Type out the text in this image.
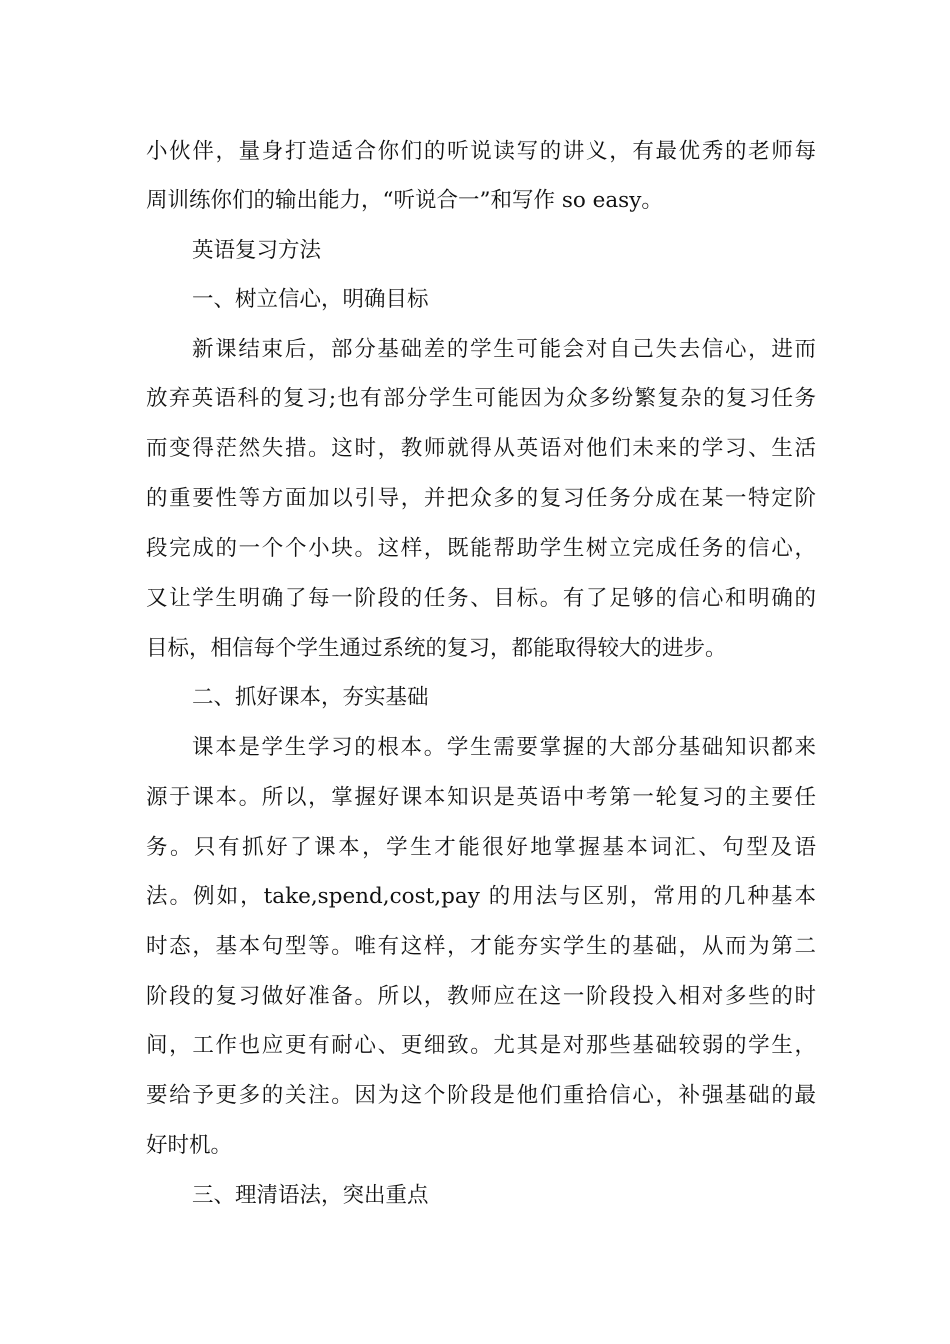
小伙伴，量身打造适合你们的听说读写的讲义，有最优秀的老师每
周训练你们的输出能力，“听说合一”和写作 so easy。
英语复习方法
一、树立信心，明确目标
新课结束后，部分基础差的学生可能会对自己失去信心，进而
放弃英语科的复习;也有部分学生可能因为众多纷繁复杂的复习任务
而变得茫然失措。这时，教师就得从英语对他们未来的学习、生活
的重要性等方面加以引导，并把众多的复习任务分成在某一特定阶
段完成的一个个小块。这样，既能帮助学生树立完成任务的信心，
又让学生明确了每一阶段的任务、目标。有了足够的信心和明确的
目标，相信每个学生通过系统的复习，都能取得较大的进步。
二、抓好课本，夯实基础
课本是学生学习的根本。学生需要掌握的大部分基础知识都来
源于课本。所以，掌握好课本知识是英语中考第一轮复习的主要任
务。只有抓好了课本，学生才能很好地掌握基本词汇、句型及语
法。例如，take,spend,cost,pay 的用法与区别，常用的几种基本
时态，基本句型等。唯有这样，才能夯实学生的基础，从而为第二
阶段的复习做好准备。所以，教师应在这一阶段投入相对多些的时
间，工作也应更有耐心、更细致。尤其是对那些基础较弱的学生，
要给予更多的关注。因为这个阶段是他们重拾信心，补强基础的最
好时机。
三、理清语法，突出重点
